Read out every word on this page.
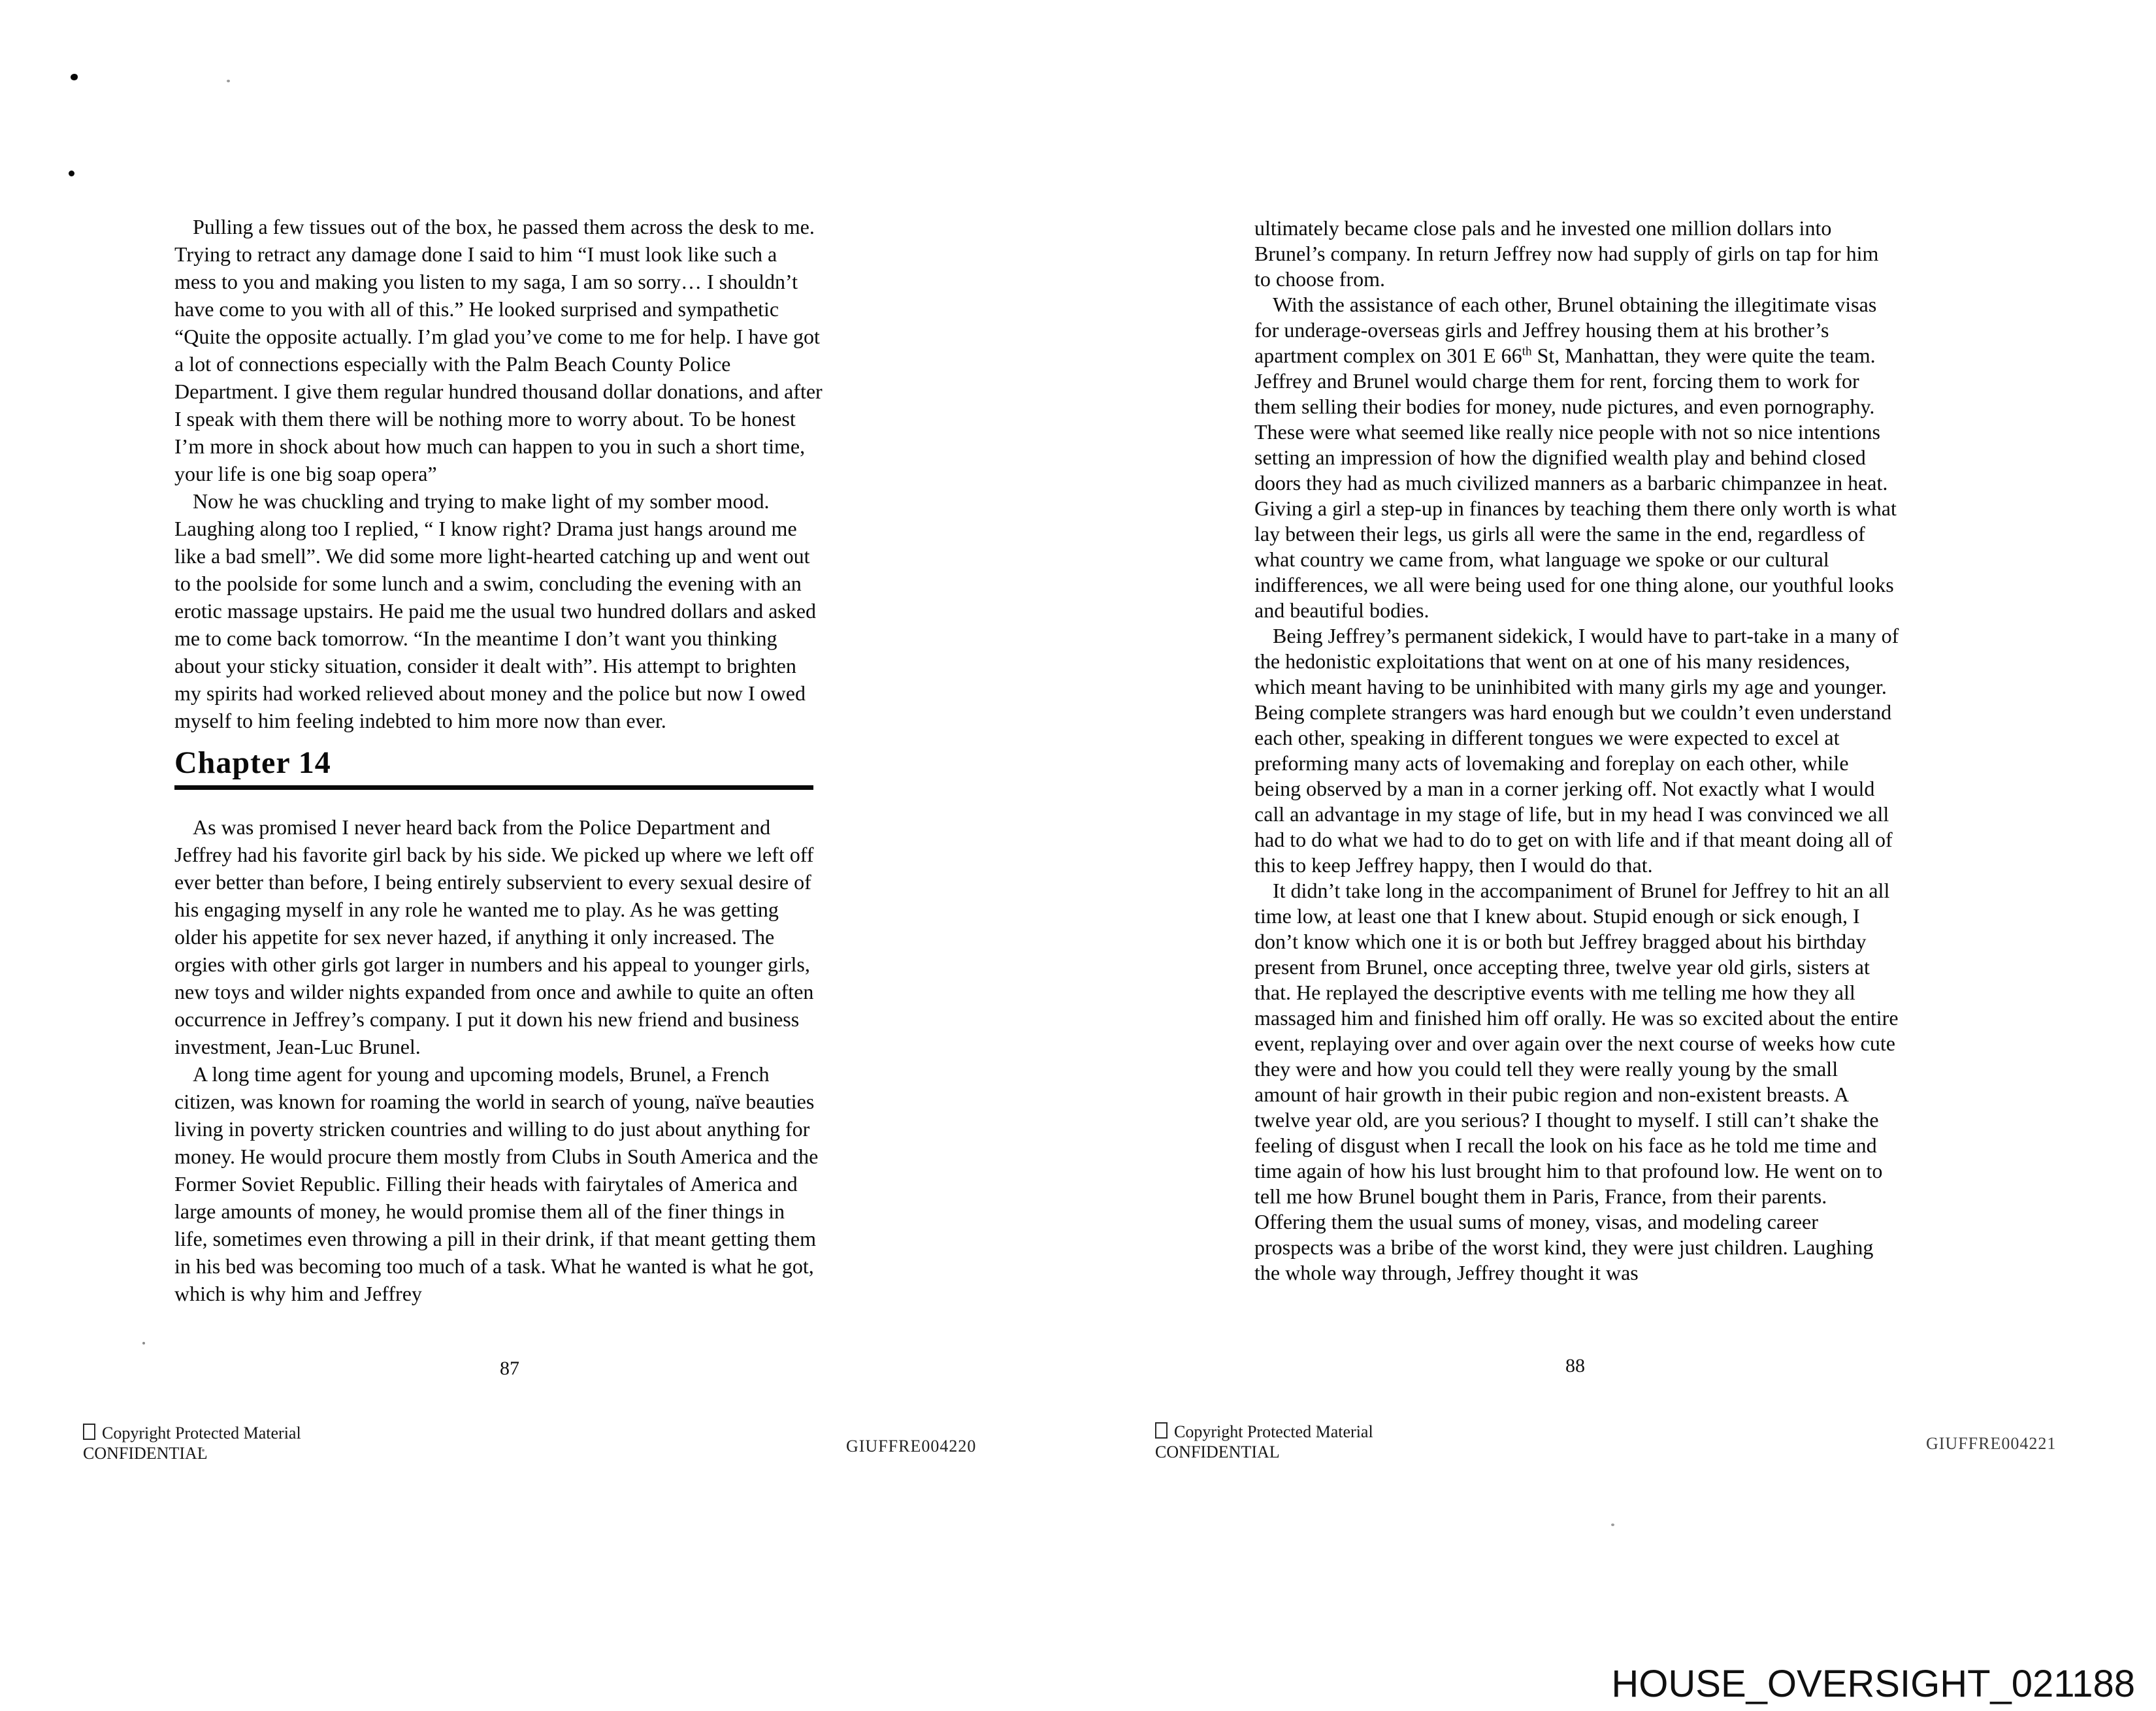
Pulling a few tissues out of the box, he passed them across the desk to me. Trying to retract any damage done I said to him “I must look like such a mess to you and making you listen to my saga, I am so sorry… I shouldn’t have come to you with all of this.” He looked surprised and sympathetic “Quite the opposite actually. I’m glad you’ve come to me for help. I have got a lot of connections especially with the Palm Beach County Police Department. I give them regular hundred thousand dollar donations, and after I speak with them there will be nothing more to worry about. To be honest I’m more in shock about how much can happen to you in such a short time, your life is one big soap opera”

Now he was chuckling and trying to make light of my somber mood. Laughing along too I replied, “ I know right? Drama just hangs around me like a bad smell”. We did some more light-hearted catching up and went out to the poolside for some lunch and a swim, concluding the evening with an erotic massage upstairs. He paid me the usual two hundred dollars and asked me to come back tomorrow. “In the meantime I don’t want you thinking about your sticky situation, consider it dealt with”. His attempt to brighten my spirits had worked relieved about money and the police but now I owed myself to him feeling indebted to him more now than ever.

Chapter 14

As was promised I never heard back from the Police Department and Jeffrey had his favorite girl back by his side. We picked up where we left off ever better than before, I being entirely subservient to every sexual desire of his engaging myself in any role he wanted me to play. As he was getting older his appetite for sex never hazed, if anything it only increased. The orgies with other girls got larger in numbers and his appeal to younger girls, new toys and wilder nights expanded from once and awhile to quite an often occurrence in Jeffrey’s company. I put it down his new friend and business investment, Jean-Luc Brunel.

A long time agent for young and upcoming models, Brunel, a French citizen, was known for roaming the world in search of young, naïve beauties living in poverty stricken countries and willing to do just about anything for money. He would procure them mostly from Clubs in South America and the Former Soviet Republic. Filling their heads with fairytales of America and large amounts of money, he would promise them all of the finer things in life, sometimes even throwing a pill in their drink, if that meant getting them in his bed was becoming too much of a task. What he wanted is what he got, which is why him and Jeffrey

ultimately became close pals and he invested one million dollars into Brunel’s company. In return Jeffrey now had supply of girls on tap for him to choose from.

With the assistance of each other, Brunel obtaining the illegitimate visas for underage-overseas girls and Jeffrey housing them at his brother’s apartment complex on 301 E 66th St, Manhattan, they were quite the team. Jeffrey and Brunel would charge them for rent, forcing them to work for them selling their bodies for money, nude pictures, and even pornography. These were what seemed like really nice people with not so nice intentions setting an impression of how the dignified wealth play and behind closed doors they had as much civilized manners as a barbaric chimpanzee in heat. Giving a girl a step-up in finances by teaching them there only worth is what lay between their legs, us girls all were the same in the end, regardless of what country we came from, what language we spoke or our cultural indifferences, we all were being used for one thing alone, our youthful looks and beautiful bodies.

Being Jeffrey’s permanent sidekick, I would have to part-take in a many of the hedonistic exploitations that went on at one of his many residences, which meant having to be uninhibited with many girls my age and younger. Being complete strangers was hard enough but we couldn’t even understand each other, speaking in different tongues we were expected to excel at preforming many acts of lovemaking and foreplay on each other, while being observed by a man in a corner jerking off. Not exactly what I would call an advantage in my stage of life, but in my head I was convinced we all had to do what we had to do to get on with life and if that meant doing all of this to keep Jeffrey happy, then I would do that.

It didn’t take long in the accompaniment of Brunel for Jeffrey to hit an all time low, at least one that I knew about. Stupid enough or sick enough, I don’t know which one it is or both but Jeffrey bragged about his birthday present from Brunel, once accepting three, twelve year old girls, sisters at that. He replayed the descriptive events with me telling me how they all massaged him and finished him off orally. He was so excited about the entire event, replaying over and over again over the next course of weeks how cute they were and how you could tell they were really young by the small amount of hair growth in their pubic region and non-existent breasts. A twelve year old, are you serious? I thought to myself. I still can’t shake the feeling of disgust when I recall the look on his face as he told me time and time again of how his lust brought him to that profound low. He went on to tell me how Brunel bought them in Paris, France, from their parents. Offering them the usual sums of money, visas, and modeling career prospects was a bribe of the worst kind, they were just children. Laughing the whole way through, Jeffrey thought it was

87	88
Copyright Protected Material
CONFIDENTIAL
Copyright Protected Material
CONFIDENTIAL
GIUFFRE004220	GIUFFRE004221
HOUSE_OVERSIGHT_021188
